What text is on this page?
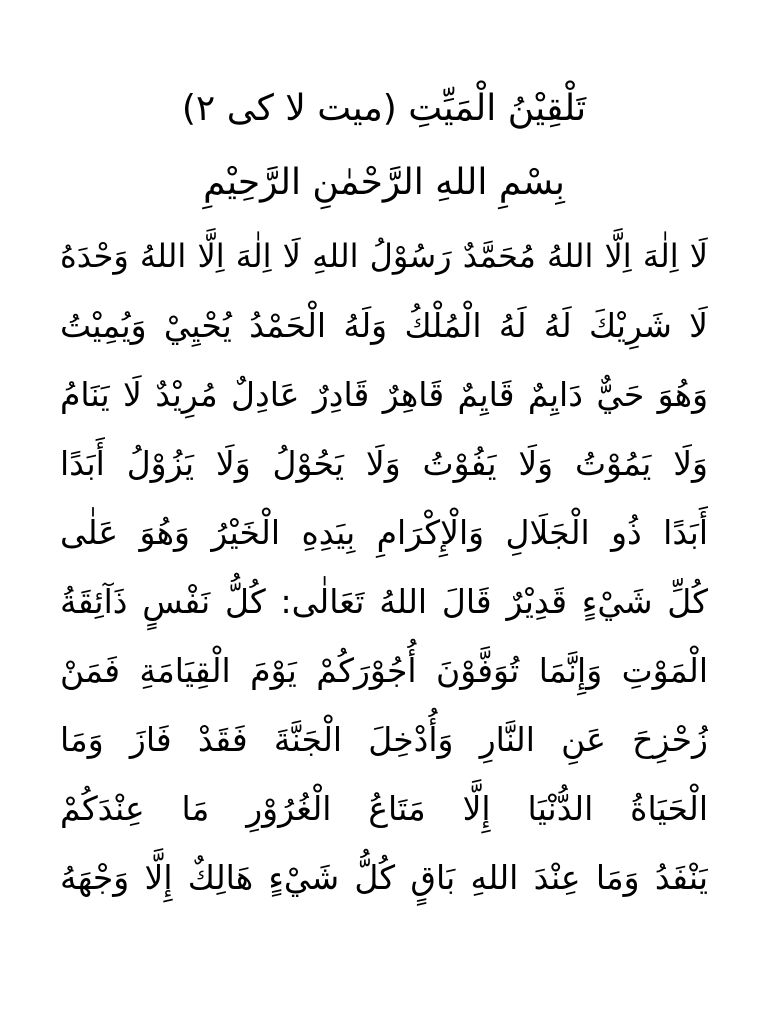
تَلْقِيْنُ الْمَيِّتِ (ميت لا کی ۲)
بِسْمِ اللهِ الرَّحْمٰنِ الرَّحِيْمِ
لَا اِلٰهَ اِلَّا اللهُ مُحَمَّدٌ رَسُوْلُ اللهِ لَا اِلٰهَ اِلَّا اللهُ وَحْدَهُ
لَا شَرِيْكَ لَهُ لَهُ الْمُلْكُ وَلَهُ الْحَمْدُ يُحْيِيْ وَيُمِيْتُ
وَهُوَ حَيٌّ دَايِمٌ قَايِمٌ قَاهِرٌ قَادِرٌ عَادِلٌ مُرِيْدٌ لَا يَنَامُ
وَلَا يَمُوْتُ وَلَا يَفُوْتُ وَلَا يَحُوْلُ وَلَا يَزُوْلُ أَبَدًا
أَبَدًا ذُو الْجَلَالِ وَالْإِكْرَامِ بِيَدِهِ الْخَيْرُ وَهُوَ عَلٰى
كُلِّ شَيْءٍ قَدِيْرٌ قَالَ اللهُ تَعَالٰى: كُلُّ نَفْسٍ ذَآئِقَةُ
الْمَوْتِ وَإِنَّمَا تُوَفَّوْنَ أُجُوْرَكُمْ يَوْمَ الْقِيَامَةِ فَمَنْ
زُحْزِحَ عَنِ النَّارِ وَأُدْخِلَ الْجَنَّةَ فَقَدْ فَازَ وَمَا
الْحَيَاةُ الدُّنْيَا إِلَّا مَتَاعُ الْغُرُوْرِ مَا عِنْدَكُمْ
يَنْفَدُ وَمَا عِنْدَ اللهِ بَاقٍ كُلُّ شَيْءٍ هَالِكٌ إِلَّا وَجْهَهُ
